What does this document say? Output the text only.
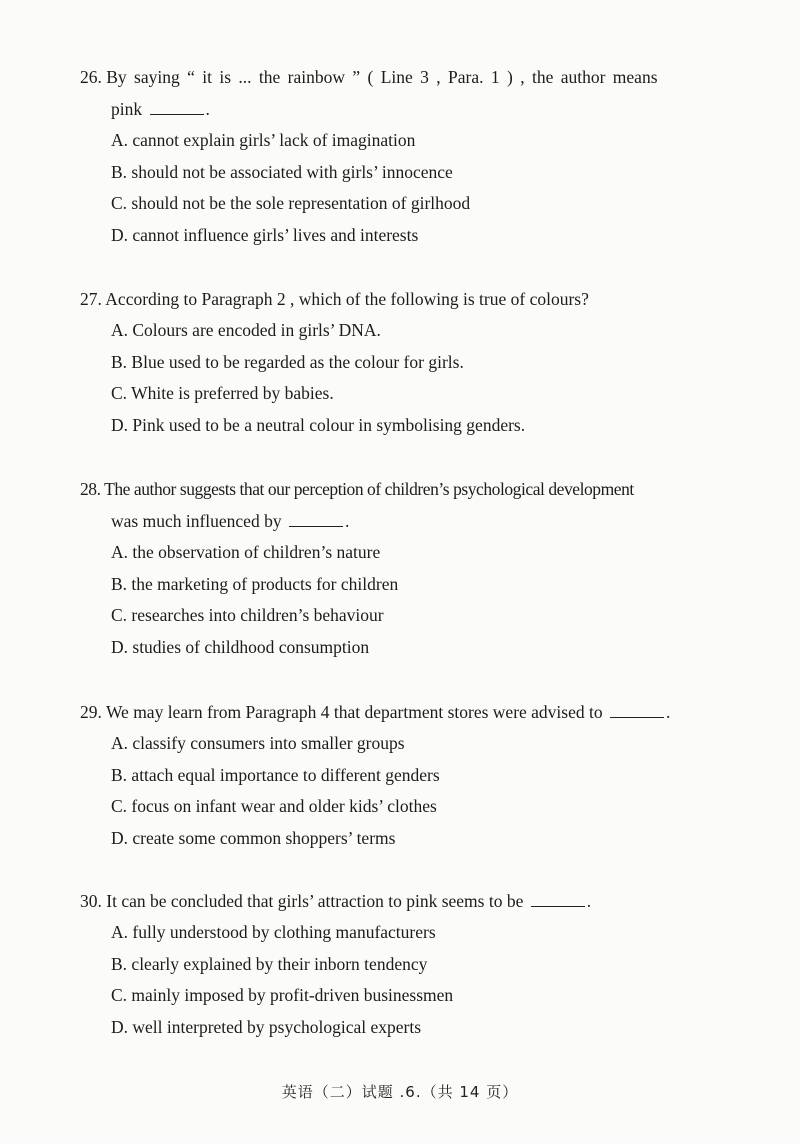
26. By saying “ it is ... the rainbow ” ( Line 3 , Para. 1 ) , the author means
pink	.
A. cannot explain girls’ lack of imagination
B. should not be associated with girls’ innocence
C. should not be the sole representation of girlhood
D. cannot influence girls’ lives and interests
27. According to Paragraph 2 , which of the following is true of colours?
A. Colours are encoded in girls’ DNA.
B. Blue used to be regarded as the colour for girls.
C. White is preferred by babies.
D. Pink used to be a neutral colour in symbolising genders.
28. The author suggests that our perception of children’s psychological development
was much influenced by	.
A. the observation of children’s nature
B. the marketing of products for children
C. researches into children’s behaviour
D. studies of childhood consumption
29. We may learn from Paragraph 4 that department stores were advised to	.
A. classify consumers into smaller groups
B. attach equal importance to different genders
C. focus on infant wear and older kids’ clothes
D. create some common shoppers’ terms
30. It can be concluded that girls’ attraction to pink seems to be	.
A. fully understood by clothing manufacturers
B. clearly explained by their inborn tendency
C. mainly imposed by profit-driven businessmen
D. well interpreted by psychological experts
英语（二）试题 .6.（共 14 页）
